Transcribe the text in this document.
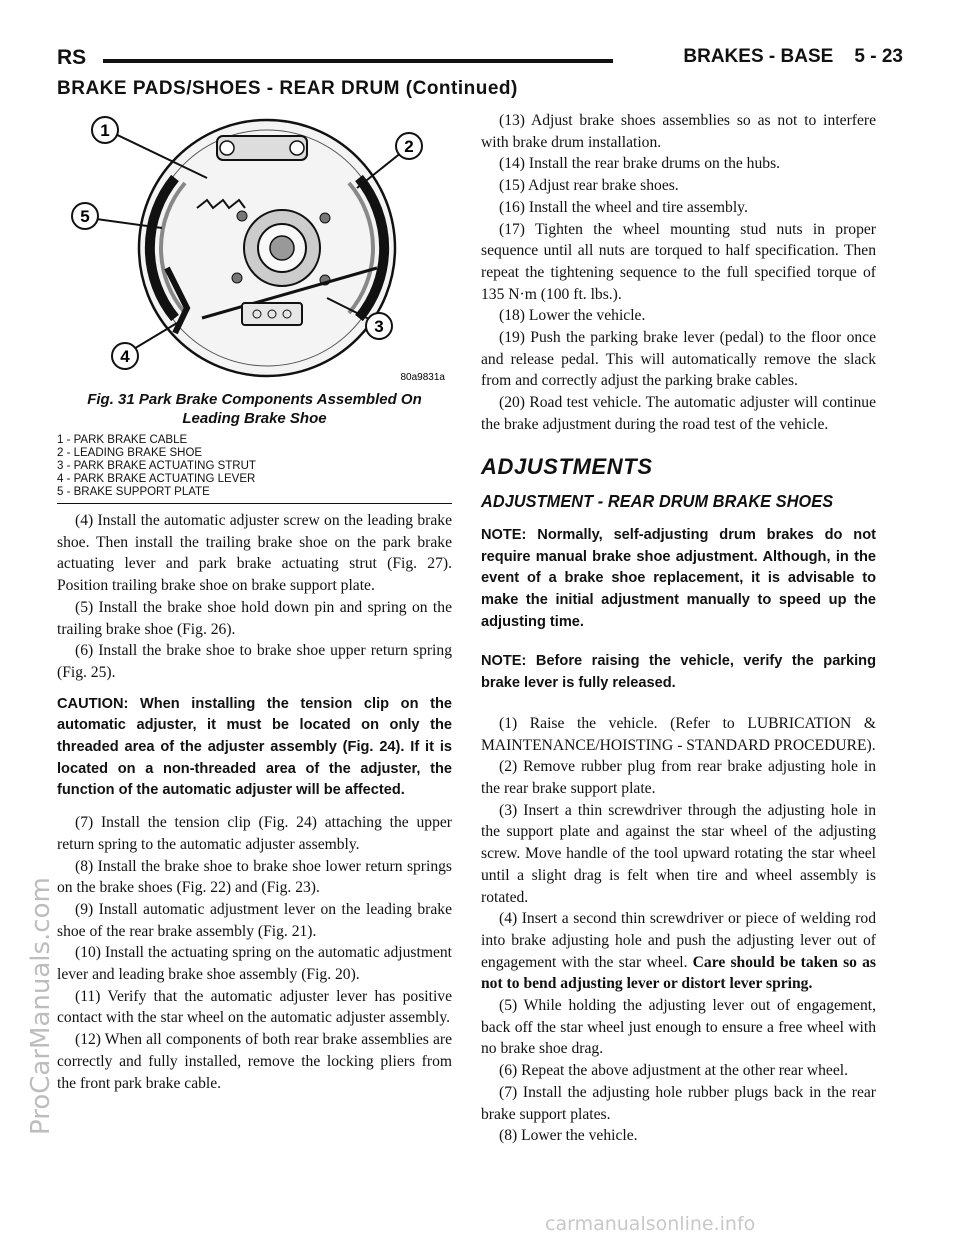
RS	BRAKES - BASE    5 - 23
BRAKE PADS/SHOES - REAR DRUM (Continued)
1
2
3
4
5
80a9831a
Fig. 31 Park Brake Components Assembled On Leading Brake Shoe
1 - PARK BRAKE CABLE
2 - LEADING BRAKE SHOE
3 - PARK BRAKE ACTUATING STRUT
4 - PARK BRAKE ACTUATING LEVER
5 - BRAKE SUPPORT PLATE

(4) Install the automatic adjuster screw on the leading brake shoe. Then install the trailing brake shoe on the park brake actuating lever and park brake actuating strut (Fig. 27). Position trailing brake shoe on brake support plate.

(5) Install the brake shoe hold down pin and spring on the trailing brake shoe (Fig. 26).

(6) Install the brake shoe to brake shoe upper return spring (Fig. 25).

CAUTION: When installing the tension clip on the automatic adjuster, it must be located on only the threaded area of the adjuster assembly (Fig. 24). If it is located on a non-threaded area of the adjuster, the function of the automatic adjuster will be affected.

(7) Install the tension clip (Fig. 24) attaching the upper return spring to the automatic adjuster assembly.

(8) Install the brake shoe to brake shoe lower return springs on the brake shoes (Fig. 22) and (Fig. 23).

(9) Install automatic adjustment lever on the leading brake shoe of the rear brake assembly (Fig. 21).

(10) Install the actuating spring on the automatic adjustment lever and leading brake shoe assembly (Fig. 20).

(11) Verify that the automatic adjuster lever has positive contact with the star wheel on the automatic adjuster assembly.

(12) When all components of both rear brake assemblies are correctly and fully installed, remove the locking pliers from the front park brake cable.

(13) Adjust brake shoes assemblies so as not to interfere with brake drum installation.

(14) Install the rear brake drums on the hubs.

(15) Adjust rear brake shoes.

(16) Install the wheel and tire assembly.

(17) Tighten the wheel mounting stud nuts in proper sequence until all nuts are torqued to half specification. Then repeat the tightening sequence to the full specified torque of 135 N·m (100 ft. lbs.).

(18) Lower the vehicle.

(19) Push the parking brake lever (pedal) to the floor once and release pedal. This will automatically remove the slack from and correctly adjust the parking brake cables.

(20) Road test vehicle. The automatic adjuster will continue the brake adjustment during the road test of the vehicle.

ADJUSTMENTS
ADJUSTMENT - REAR DRUM BRAKE SHOES

NOTE: Normally, self-adjusting drum brakes do not require manual brake shoe adjustment. Although, in the event of a brake shoe replacement, it is advisable to make the initial adjustment manually to speed up the adjusting time.

NOTE: Before raising the vehicle, verify the parking brake lever is fully released.

(1) Raise the vehicle. (Refer to LUBRICATION & MAINTENANCE/HOISTING - STANDARD PROCEDURE).

(2) Remove rubber plug from rear brake adjusting hole in the rear brake support plate.

(3) Insert a thin screwdriver through the adjusting hole in the support plate and against the star wheel of the adjusting screw. Move handle of the tool upward rotating the star wheel until a slight drag is felt when tire and wheel assembly is rotated.

(4) Insert a second thin screwdriver or piece of welding rod into brake adjusting hole and push the adjusting lever out of engagement with the star wheel. Care should be taken so as not to bend adjusting lever or distort lever spring.

(5) While holding the adjusting lever out of engagement, back off the star wheel just enough to ensure a free wheel with no brake shoe drag.

(6) Repeat the above adjustment at the other rear wheel.

(7) Install the adjusting hole rubber plugs back in the rear brake support plates.

(8) Lower the vehicle.

ProCarManuals.com
carmanualsonline.info
